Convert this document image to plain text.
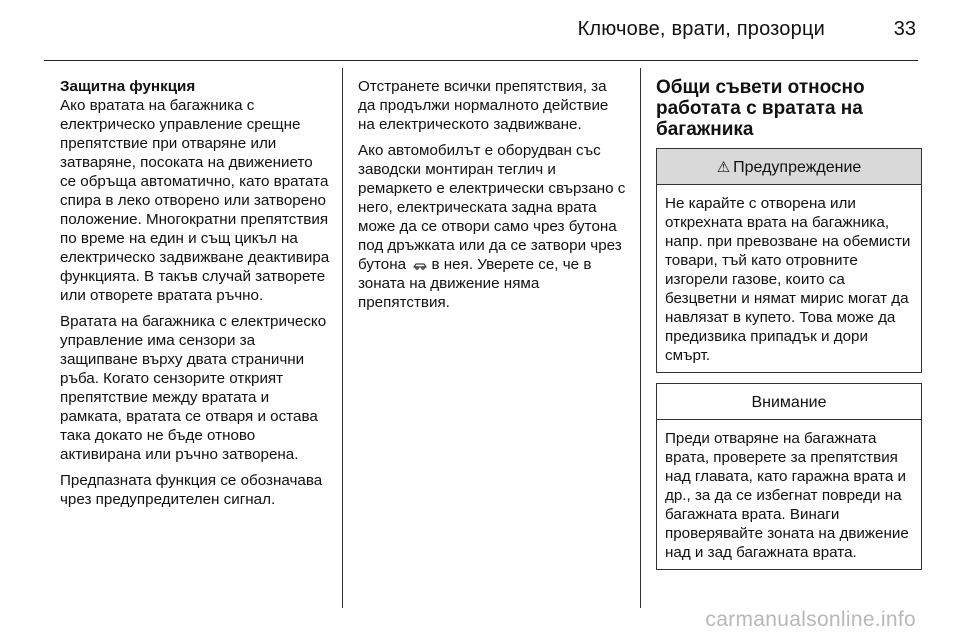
Ключове, врати, прозорци	33

Защитна функция
Ако вратата на багажника с електрическо управление срещне препятствие при отваряне или затваряне, посоката на движението се обръща автоматично, като вратата спира в леко отворено или затворено положение. Многократни препятствия по време на един и същ цикъл на електрическо задвижване деактивира функцията. В такъв случай затворете или отворете вратата ръчно.

Вратата на багажника с електрическо управление има сензори за защипване върху двата странични ръба. Когато сензорите открият препятствие между вратата и рамката, вратата се отваря и остава така докато не бъде отново активирана или ръчно затворена.

Предпазната функция се обозначава чрез предупредителен сигнал.

Отстранете всички препятствия, за да продължи нормалното действие на електрическото задвижване.

Ако автомобилът е оборудван със заводски монтиран теглич и ремаркето е електрически свързано с него, електрическата задна врата може да се отвори само чрез бутона под дръжката или да се затвори чрез бутона в нея. Уверете се, че в зоната на движение няма препятствия.

Общи съвети относно работата с вратата на багажника
⚠ Предупреждение
Не карайте с отворена или открехната врата на багажника, напр. при превозване на обемисти товари, тъй като отровните изгорели газове, които са безцветни и нямат мирис могат да навлязат в купето. Това може да предизвика припадък и дори смърт.
Внимание
Преди отваряне на багажната врата, проверете за препятствия над главата, като гаражна врата и др., за да се избегнат повреди на багажната врата. Винаги проверявайте зоната на движение над и зад багажната врата.
carmanualsonline.info
